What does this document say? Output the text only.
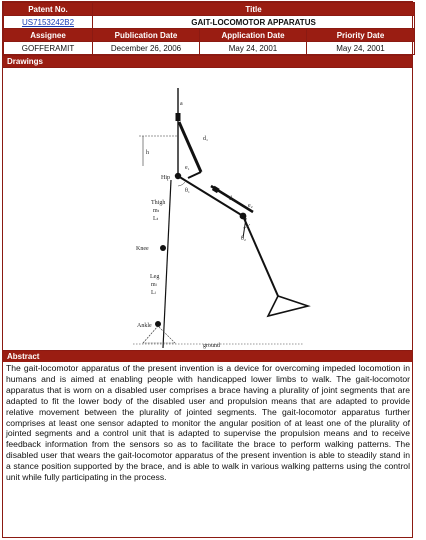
Patent No.	Title		
US7153242B2	GAIT-LOCOMOTOR APPARATUS		
Assignee	Publication Date	Application Date	Priority Date
GOFFERAMIT	December 26, 2006	May 24, 2001	May 24, 2001
Drawings
a
d₁
h
Hip
e₁
θ₁
d₂
e₂
θ₂
Thigh
mₜ
Lₜ
Knee
Leg
mₗ
Lₗ
Ankle
ground
Abstract
The gait-locomotor apparatus of the present invention is a device for overcoming impeded locomotion in humans and is aimed at enabling people with handicapped lower limbs to walk. The gait-locomotor apparatus that is worn on a disabled user comprises a brace having a plurality of joint segments that are adapted to fit the lower body of the disabled user and propulsion means that are adapted to provide relative movement between the plurality of jointed segments. The gait-locomotor apparatus further comprises at least one sensor adapted to monitor the angular position of at least one of the plurality of jointed segments and a control unit that is adapted to supervise the propulsion means and to receive feedback information from the sensors so as to facilitate the brace to perform walking patterns. The disabled user that wears the gait-locomotor apparatus of the present invention is able to steadily stand in a stance position supported by the brace, and is able to walk in various walking patterns using the control unit while fully participating in the process.
